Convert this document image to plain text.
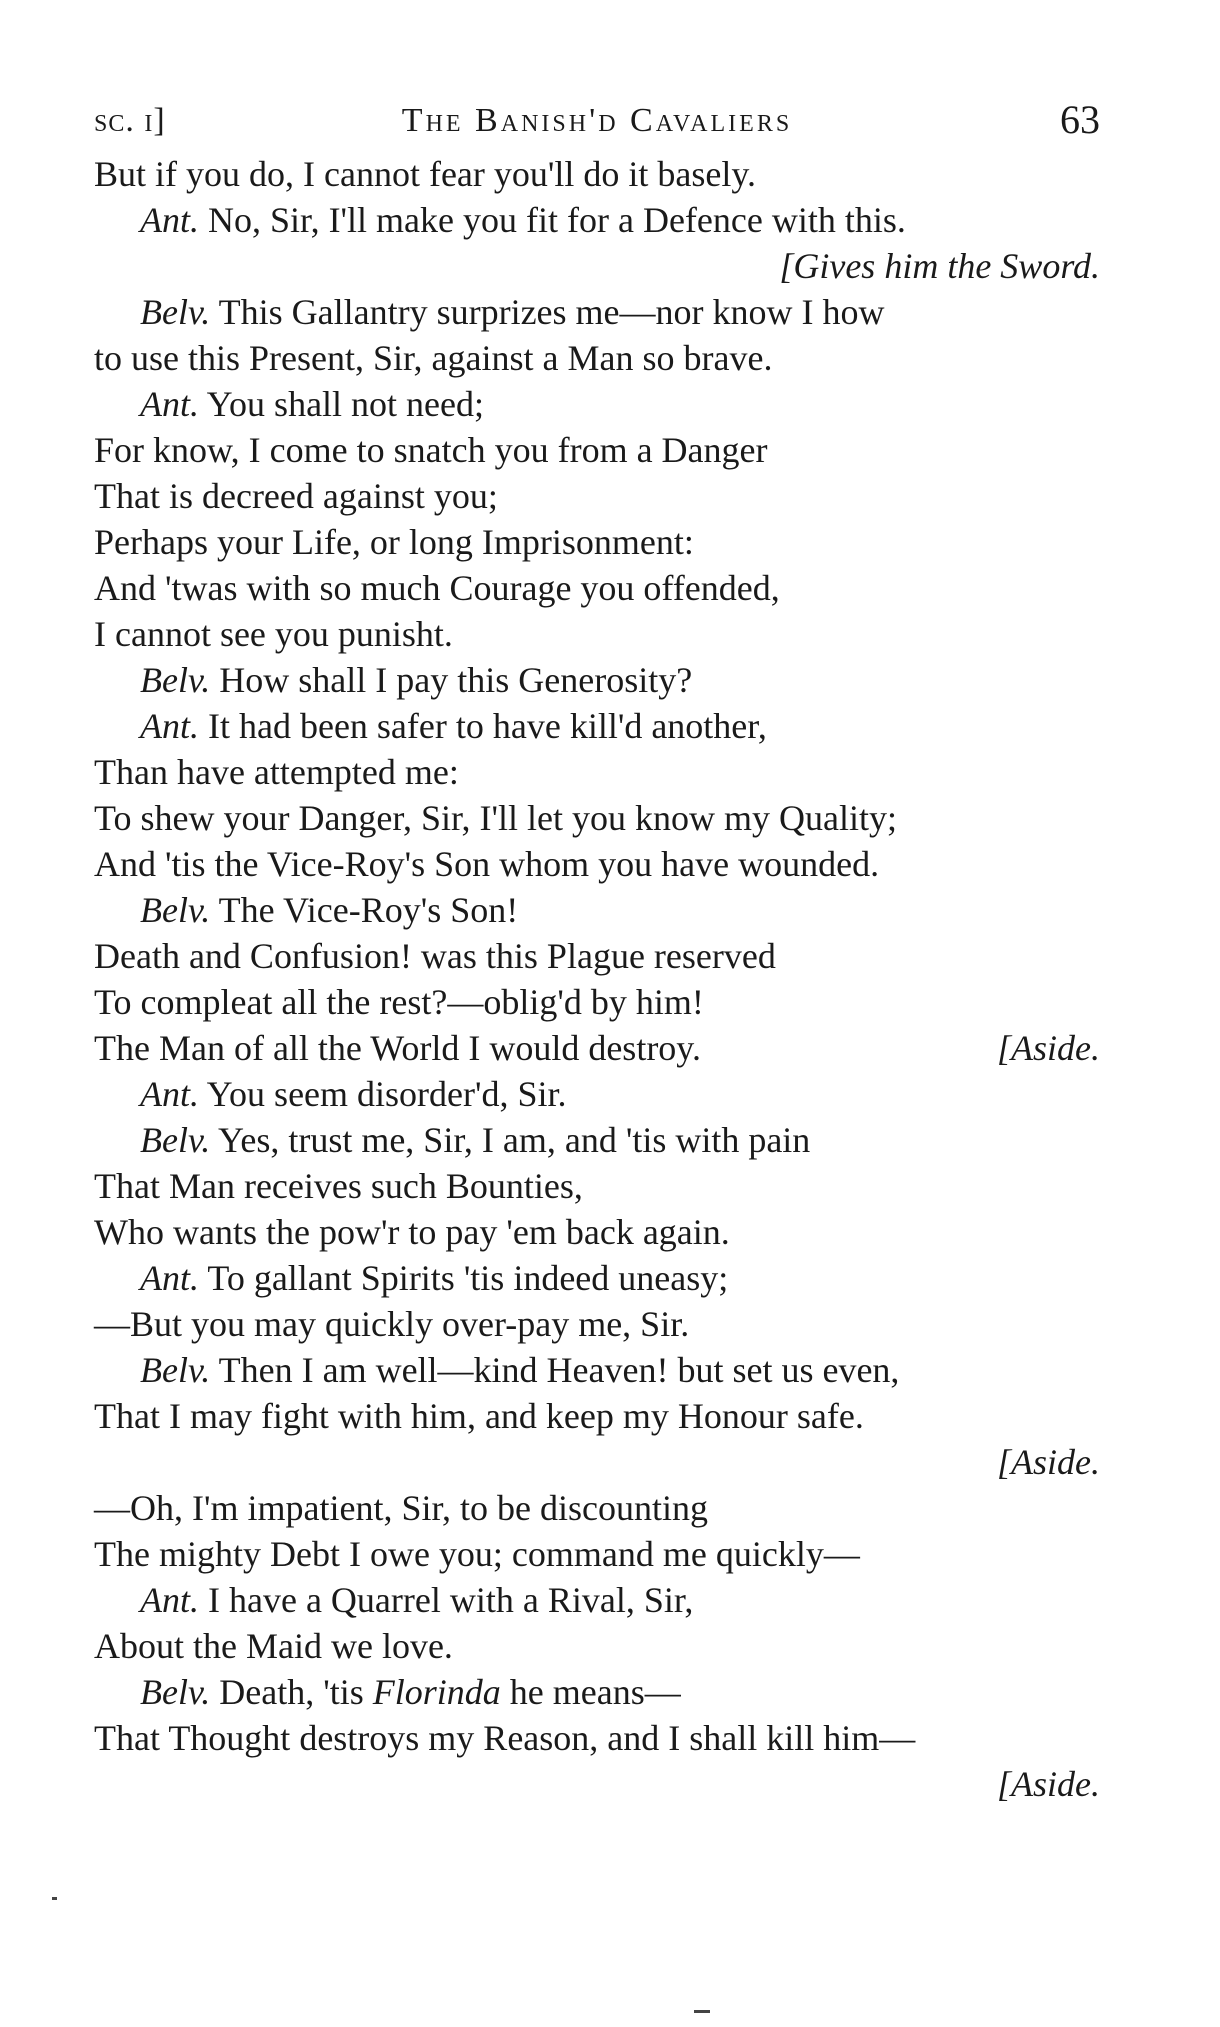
sc. i]	The Banish'd Cavaliers	63
But if you do, I cannot fear you'll do it basely.
Ant. No, Sir, I'll make you fit for a Defence with this.
[Gives him the Sword.
Belv. This Gallantry surprizes me—nor know I how
to use this Present, Sir, against a Man so brave.
Ant. You shall not need;
For know, I come to snatch you from a Danger
That is decreed against you;
Perhaps your Life, or long Imprisonment:
And 'twas with so much Courage you offended,
I cannot see you punisht.
Belv. How shall I pay this Generosity?
Ant. It had been safer to have kill'd another,
Than have attempted me:
To shew your Danger, Sir, I'll let you know my Quality;
And 'tis the Vice-Roy's Son whom you have wounded.
Belv. The Vice-Roy's Son!
Death and Confusion! was this Plague reserved
To compleat all the rest?—oblig'd by him!
The Man of all the World I would destroy.	[Aside.
Ant. You seem disorder'd, Sir.
Belv. Yes, trust me, Sir, I am, and 'tis with pain
That Man receives such Bounties,
Who wants the pow'r to pay 'em back again.
Ant. To gallant Spirits 'tis indeed uneasy;
—But you may quickly over-pay me, Sir.
Belv. Then I am well—kind Heaven! but set us even,
That I may fight with him, and keep my Honour safe.
[Aside.
—Oh, I'm impatient, Sir, to be discounting
The mighty Debt I owe you; command me quickly—
Ant. I have a Quarrel with a Rival, Sir,
About the Maid we love.
Belv. Death, 'tis Florinda he means—
That Thought destroys my Reason, and I shall kill him—
[Aside.
